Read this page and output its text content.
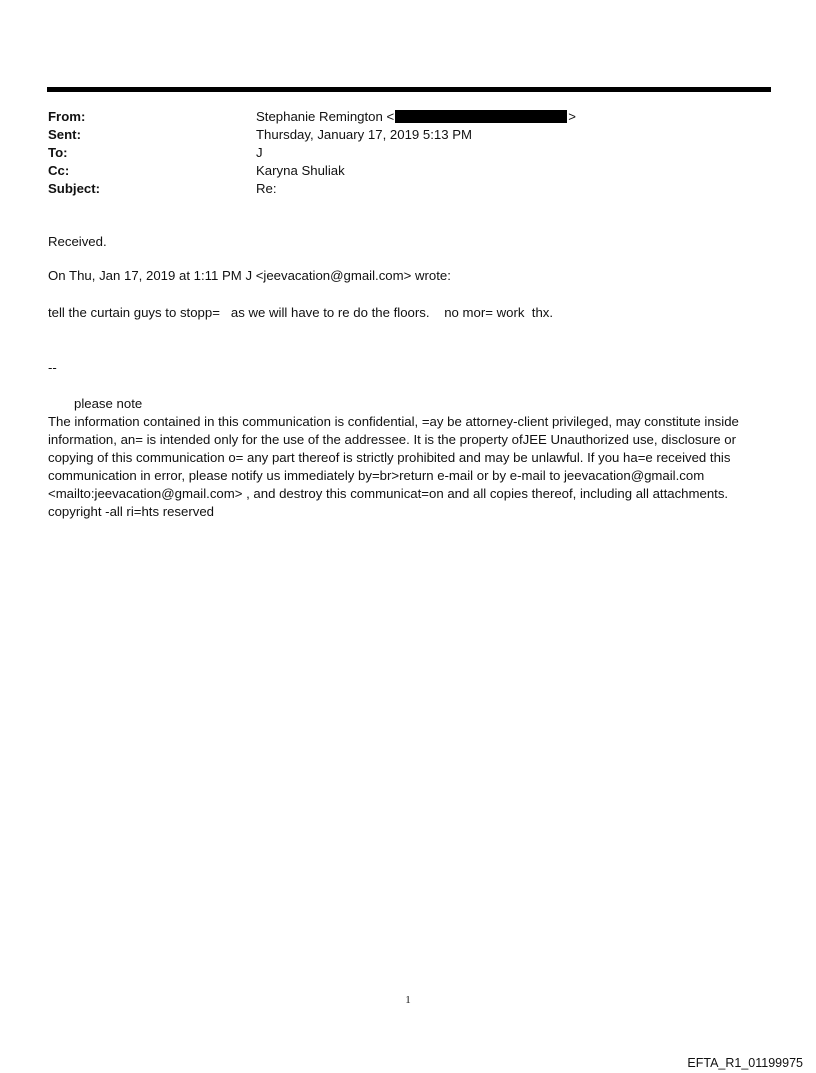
From:	Stephanie Remington <	>
Sent:	Thursday, January 17, 2019 5:13 PM
To:	J
Cc:	Karyna Shuliak
Subject:	Re:
Received.
On Thu, Jan 17, 2019 at 1:11 PM J <jeevacation@gmail.com> wrote:
tell the curtain guys to stopp=   as we will have to re do the floors.    no mor= work  thx.
--
please note
The information contained in this communication is confidential, =ay be attorney-client privileged, may constitute inside
information, an= is intended only for the use of the addressee. It is the property ofJEE Unauthorized use, disclosure or
copying of this communication o= any part thereof is strictly prohibited and may be unlawful. If you ha=e received this
communication in error, please notify us immediately by=br>return e-mail or by e-mail to jeevacation@gmail.com
<mailto:jeevacation@gmail.com> , and destroy this communicat=on and all copies thereof, including all attachments.
copyright -all ri=hts reserved
1
EFTA_R1_01199975
